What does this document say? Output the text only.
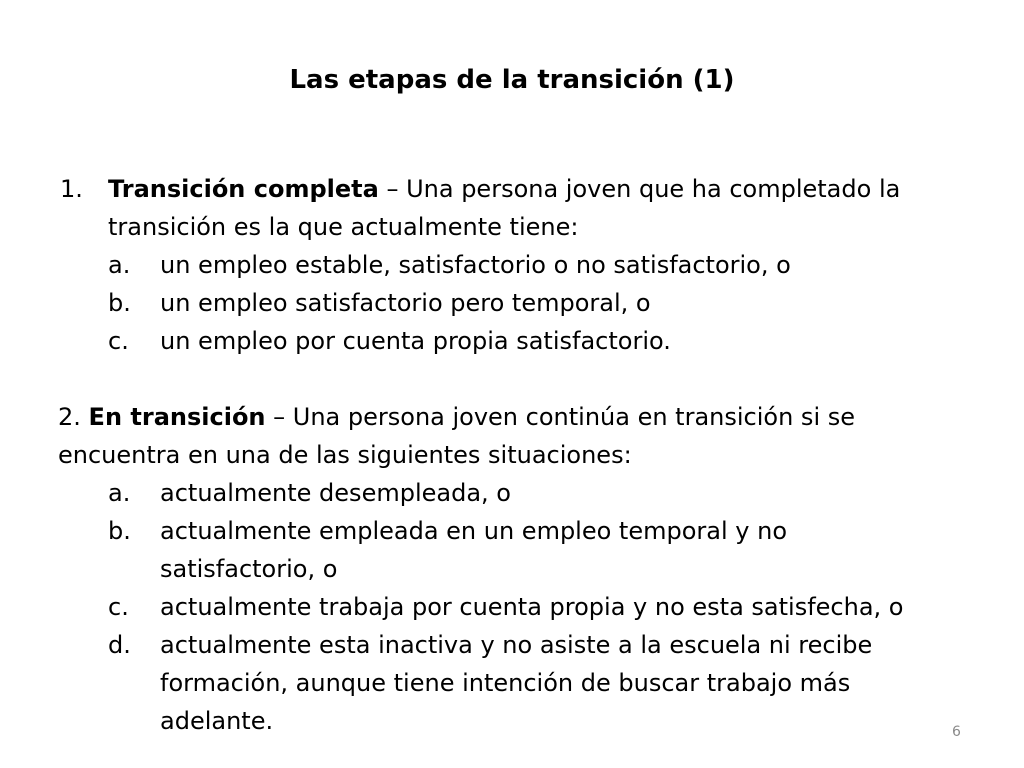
Las etapas de la transición (1)
1. Transición completa – Una persona joven que ha completado la
transición es la que actualmente tiene:
a. un empleo estable, satisfactorio o no satisfactorio, o
b. un empleo satisfactorio pero temporal, o
c. un empleo por cuenta propia satisfactorio.
2. En transición – Una persona joven continúa en transición si se
encuentra en una de las siguientes situaciones:
a. actualmente desempleada, o
b. actualmente empleada en un empleo temporal y no
satisfactorio, o
c. actualmente trabaja por cuenta propia y no esta satisfecha, o
d. actualmente esta inactiva y no asiste a la escuela ni recibe
formación, aunque tiene intención de buscar trabajo más
adelante.	6
